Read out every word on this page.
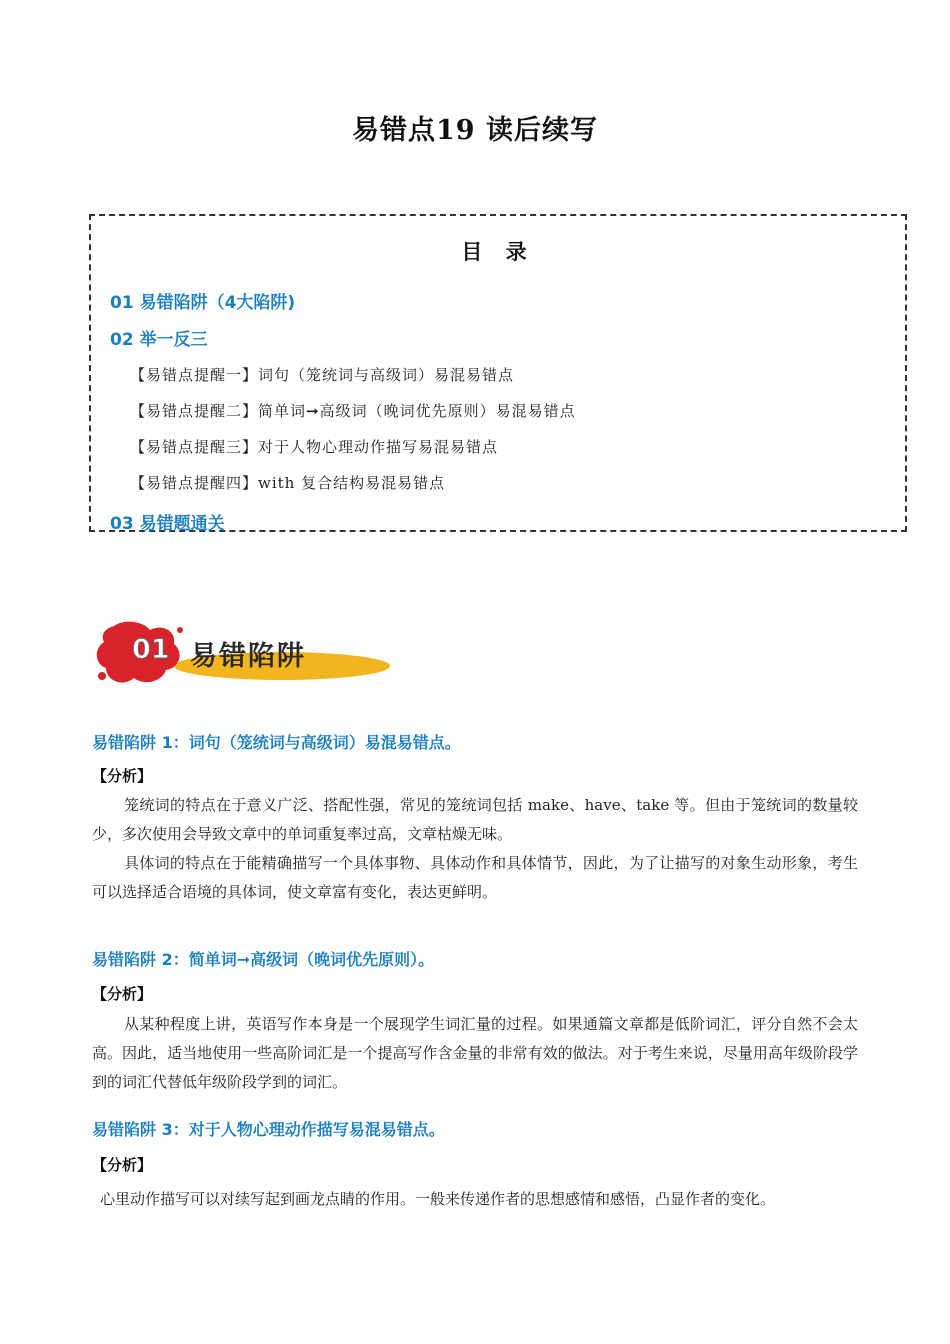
易错点19 读后续写
目 录
01 易错陷阱（4大陷阱)
02 举一反三
【易错点提醒一】词句（笼统词与高级词）易混易错点
【易错点提醒二】简单词➞高级词（晚词优先原则）易混易错点
【易错点提醒三】对于人物心理动作描写易混易错点
【易错点提醒四】with 复合结构易混易错点
03 易错题通关
01 易错陷阱
易错陷阱 1：词句（笼统词与高级词）易混易错点。
【分析】

笼统词的特点在于意义广泛、搭配性强，常见的笼统词包括 make、have、take 等。但由于笼统词的数量较少，多次使用会导致文章中的单词重复率过高，文章枯燥无味。

具体词的特点在于能精确描写一个具体事物、具体动作和具体情节，因此，为了让描写的对象生动形象，考生可以选择适合语境的具体词，使文章富有变化，表达更鲜明。

易错陷阱 2：简单词➞高级词（晚词优先原则）。
【分析】

从某种程度上讲，英语写作本身是一个展现学生词汇量的过程。如果通篇文章都是低阶词汇，评分自然不会太高。因此，适当地使用一些高阶词汇是一个提高写作含金量的非常有效的做法。对于考生来说，尽量用高年级阶段学到的词汇代替低年级阶段学到的词汇。

易错陷阱 3：对于人物心理动作描写易混易错点。
【分析】

心里动作描写可以对续写起到画龙点睛的作用。一般来传递作者的思想感情和感悟，凸显作者的变化。
